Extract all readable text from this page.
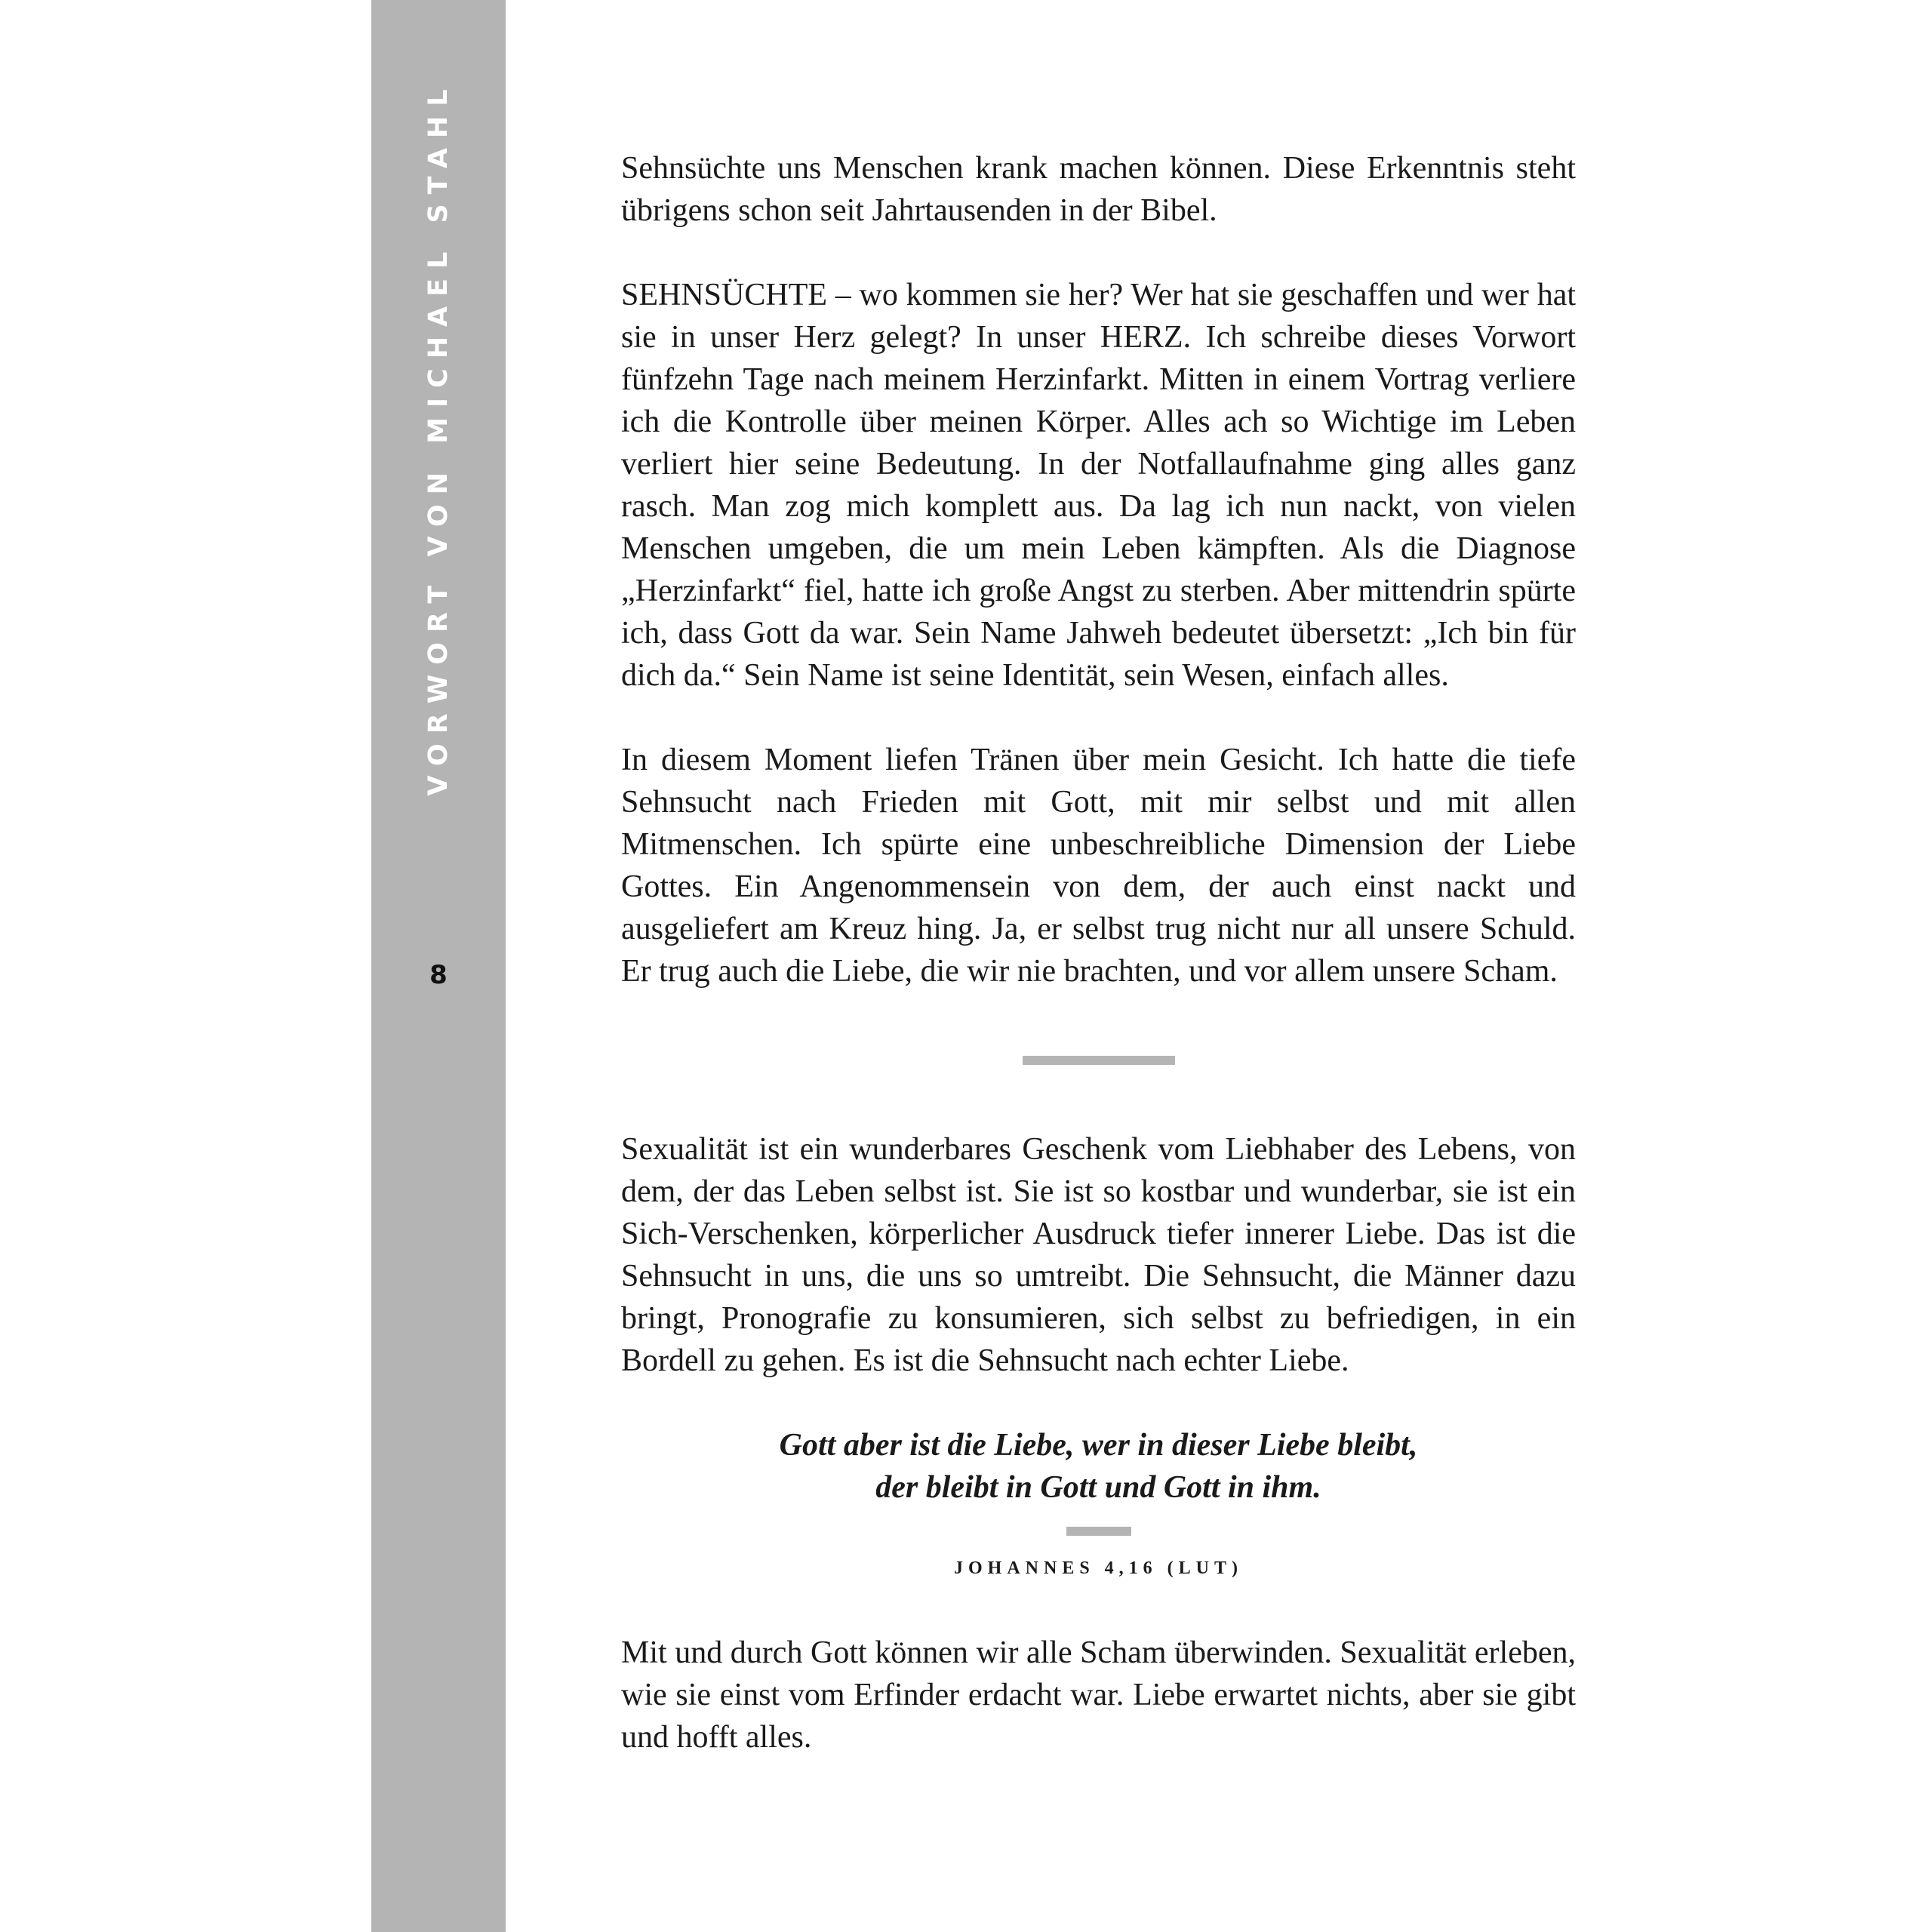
VORWORT VON MICHAEL STAHL
8

Sehnsüchte uns Menschen krank machen können. Diese Erkenntnis steht übrigens schon seit Jahrtausenden in der Bibel.

SEHNSÜCHTE – wo kommen sie her? Wer hat sie geschaffen und wer hat sie in unser Herz gelegt? In unser HERZ. Ich schreibe dieses Vorwort fünfzehn Tage nach meinem Herzinfarkt. Mitten in einem Vortrag verliere ich die Kontrolle über meinen Körper. Alles ach so Wichtige im Leben verliert hier seine Bedeutung. In der Notfallaufnahme ging alles ganz rasch. Man zog mich komplett aus. Da lag ich nun nackt, von vielen Menschen umgeben, die um mein Leben kämpften. Als die Diagnose „Herzinfarkt“ fiel, hatte ich große Angst zu sterben. Aber mittendrin spürte ich, dass Gott da war. Sein Name Jahweh bedeutet übersetzt: „Ich bin für dich da.“ Sein Name ist seine Identität, sein Wesen, einfach alles.

In diesem Moment liefen Tränen über mein Gesicht. Ich hatte die tiefe Sehnsucht nach Frieden mit Gott, mit mir selbst und mit allen Mitmenschen. Ich spürte eine unbeschreibliche Dimension der Liebe Gottes. Ein Angenommensein von dem, der auch einst nackt und ausgeliefert am Kreuz hing. Ja, er selbst trug nicht nur all unsere Schuld. Er trug auch die Liebe, die wir nie brachten, und vor allem unsere Scham.

Sexualität ist ein wunderbares Geschenk vom Liebhaber des Lebens, von dem, der das Leben selbst ist. Sie ist so kostbar und wunderbar, sie ist ein Sich-Verschenken, körperlicher Ausdruck tiefer innerer Liebe. Das ist die Sehnsucht in uns, die uns so umtreibt. Die Sehnsucht, die Männer dazu bringt, Pronografie zu konsumieren, sich selbst zu befriedigen, in ein Bordell zu gehen. Es ist die Sehnsucht nach echter Liebe.

Gott aber ist die Liebe, wer in dieser Liebe bleibt,
der bleibt in Gott und Gott in ihm.

JOHANNES 4,16 (LUT)

Mit und durch Gott können wir alle Scham überwinden. Sexualität erleben, wie sie einst vom Erfinder erdacht war. Liebe erwartet nichts, aber sie gibt und hofft alles.
